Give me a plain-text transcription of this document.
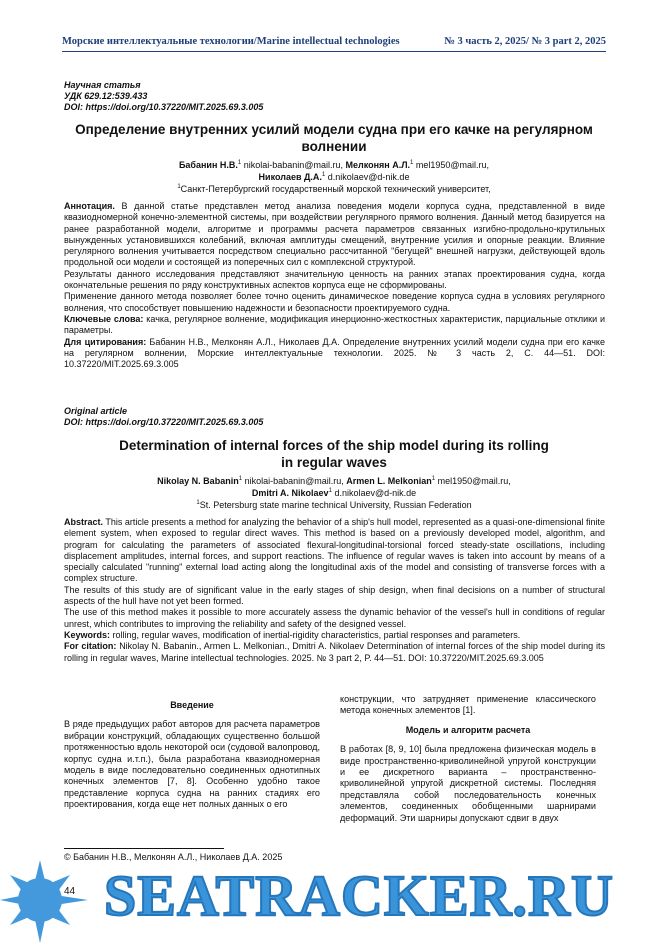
Морские интеллектуальные технологии/Marine intellectual technologies	№ 3 часть 2, 2025/ № 3 part 2, 2025
Научная статья
УДК 629.12:539.433
DOI: https://doi.org/10.37220/MIT.2025.69.3.005
Определение внутренних усилий модели судна при его качке на регулярном
волнении
Бабанин Н.В.$^1$ nikolai-babanin@mail.ru, Мелконян А.Л.$^1$ mel1950@mail.ru,
Николаев Д.А.$^1$ d.nikolaev@d-nik.de
$^1$Санкт-Петербургский государственный морской технический университет,

Аннотация. В данной статье представлен метод анализа поведения модели корпуса судна, представленной в виде квазиодномерной конечно-элементной системы, при воздействии регулярного прямого волнения. Данный метод базируется на ранее разработанной модели, алгоритме и программы расчета параметров связанных изгибно-продольно-крутильных вынужденных установившихся колебаний, включая амплитуды смещений, внутренние усилия и опорные реакции. Влияние регулярного волнения учитывается посредством специально рассчитанной "бегущей" внешней нагрузки, действующей вдоль продольной оси модели и состоящей из поперечных сил с комплексной структурой.

Результаты данного исследования представляют значительную ценность на ранних этапах проектирования судна, когда окончательные решения по ряду конструктивных аспектов корпуса еще не сформированы.

Применение данного метода позволяет более точно оценить динамическое поведение корпуса судна в условиях регулярного волнения, что способствует повышению надежности и безопасности проектируемого судна.

Ключевые слова: качка, регулярное волнение, модификация инерционно-жесткостных характеристик, парциальные отклики и параметры.

Для цитирования: Бабанин Н.В., Мелконян А.Л., Николаев Д.А. Определение внутренних усилий модели судна при его качке на регулярном волнении, Морские интеллектуальные технологии. 2025. № 3 часть 2, С. 44—51. DOI: 10.37220/MIT.2025.69.3.005

Original article
DOI: https://doi.org/10.37220/MIT.2025.69.3.005
Determination of internal forces of the ship model during its rolling
in regular waves
Nikolay N. Babanin$^1$ nikolai-babanin@mail.ru, Armen L. Melkonian$^1$ mel1950@mail.ru,
Dmitri A. Nikolaev$^1$ d.nikolaev@d-nik.de
$^1$St. Petersburg state marine technical University, Russian Federation

Abstract. This article presents a method for analyzing the behavior of a ship's hull model, represented as a quasi-one-dimensional finite element system, when exposed to regular direct waves. This method is based on a previously developed model, algorithm, and program for calculating the parameters of associated flexural-longitudinal-torsional forced steady-state oscillations, including displacement amplitudes, internal forces, and support reactions. The influence of regular waves is taken into account by means of a specially calculated "running" external load acting along the longitudinal axis of the model and consisting of transverse forces with a complex structure.

The results of this study are of significant value in the early stages of ship design, when final decisions on a number of structural aspects of the hull have not yet been formed.

The use of this method makes it possible to more accurately assess the dynamic behavior of the vessel's hull in conditions of regular unrest, which contributes to improving the reliability and safety of the designed vessel.

Keywords: rolling, regular waves, modification of inertial-rigidity characteristics, partial responses and parameters.

For citation: Nikolay N. Babanin., Armen L. Melkonian., Dmitri A. Nikolaev Determination of internal forces of the ship model during its rolling in regular waves, Marine intellectual technologies. 2025. № 3 part 2, P. 44—51. DOI: 10.37220/MIT.2025.69.3.005

Введение

В ряде предыдущих работ авторов для расчета параметров вибрации конструкций, обладающих существенно большой протяженностью вдоль некоторой оси (судовой валопровод, корпус судна и.т.п.), была разработана квазиодномерная модель в виде последовательно соединенных однотипных конечных элементов [7, 8]. Особенно удобно такое представление корпуса судна на ранних стадиях его проектирования, когда еще нет полных данных о его

конструкции, что затрудняет применение классического метода конечных элементов [1].

Модель и алгоритм расчета

В работах [8, 9, 10] была предложена физическая модель в виде пространственно-криволинейной упругой конструкции и ее дискретного варианта – пространственно-криволинейной упругой дискретной системы. Последняя представляла собой последовательность конечных элементов, соединенных обобщенными шарнирами деформаций. Эти шарниры допускают сдвиг в двух

© Бабанин Н.В., Мелконян А.Л., Николаев Д.А. 2025
44 SEATRACKER.RU
